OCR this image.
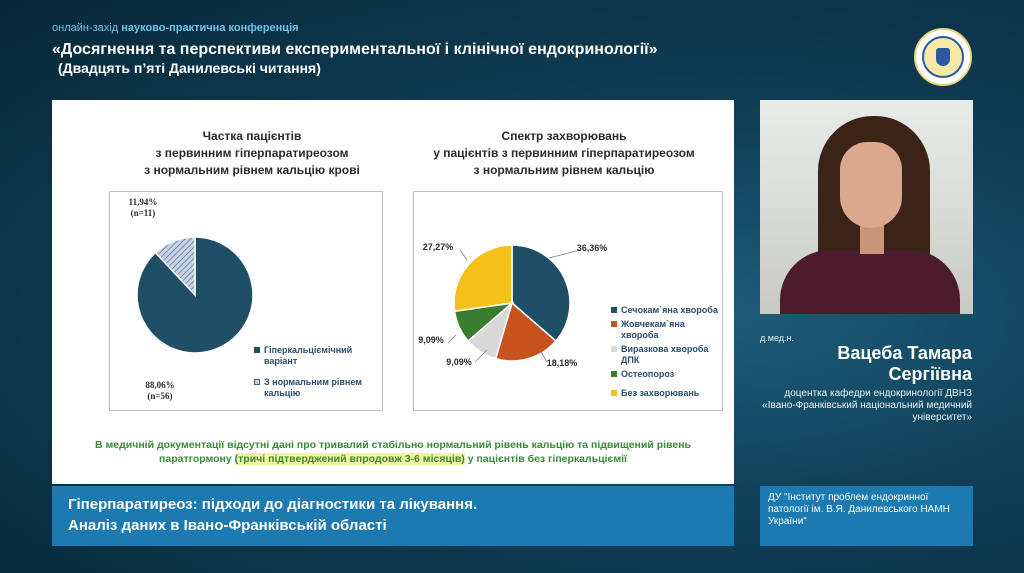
онлайн-захід науково-практична конференція
«Досягнення та перспективи експериментальної і клінічної ендокринології»
(Двадцять п’яті Данилевські читання)
Частка пацієнтів
з первинним гіперпаратиреозом
з нормальним рівнем кальцію крові
Спектр захворювань
у пацієнтів з первинним гіперпаратиреозом
з нормальним рівнем кальцію
11,94%
(n=11)
88,06%
(n=56)
36,36%
18,18%
9,09%
9,09%
27,27%
Гіперкальціємічний варіант
З нормальним рівнем кальцію
Сечокам`яна хвороба
Жовчекам`яна хвороба
Виразкова хвороба ДПК
Остеопороз
Без захворювань
В медичній документації відсутні дані про тривалий стабільно нормальний рівень кальцію та підвищений рівень
паратгормону (тричі підтверджений впродовж 3-6 місяців) у пацієнтів без гіперкальціємії
Гіперпаратиреоз: підходи до діагностики та лікування.
Аналіз даних в Івано-Франківській області
д.мед.н.
Вацеба Тамара
Сергіївна
доцентка кафедри ендокринології ДВНЗ «Івано-Франківський національний медичний університет»
ДУ "Інститут проблем ендокринної патології ім. В.Я. Данилевського НАМН України"
